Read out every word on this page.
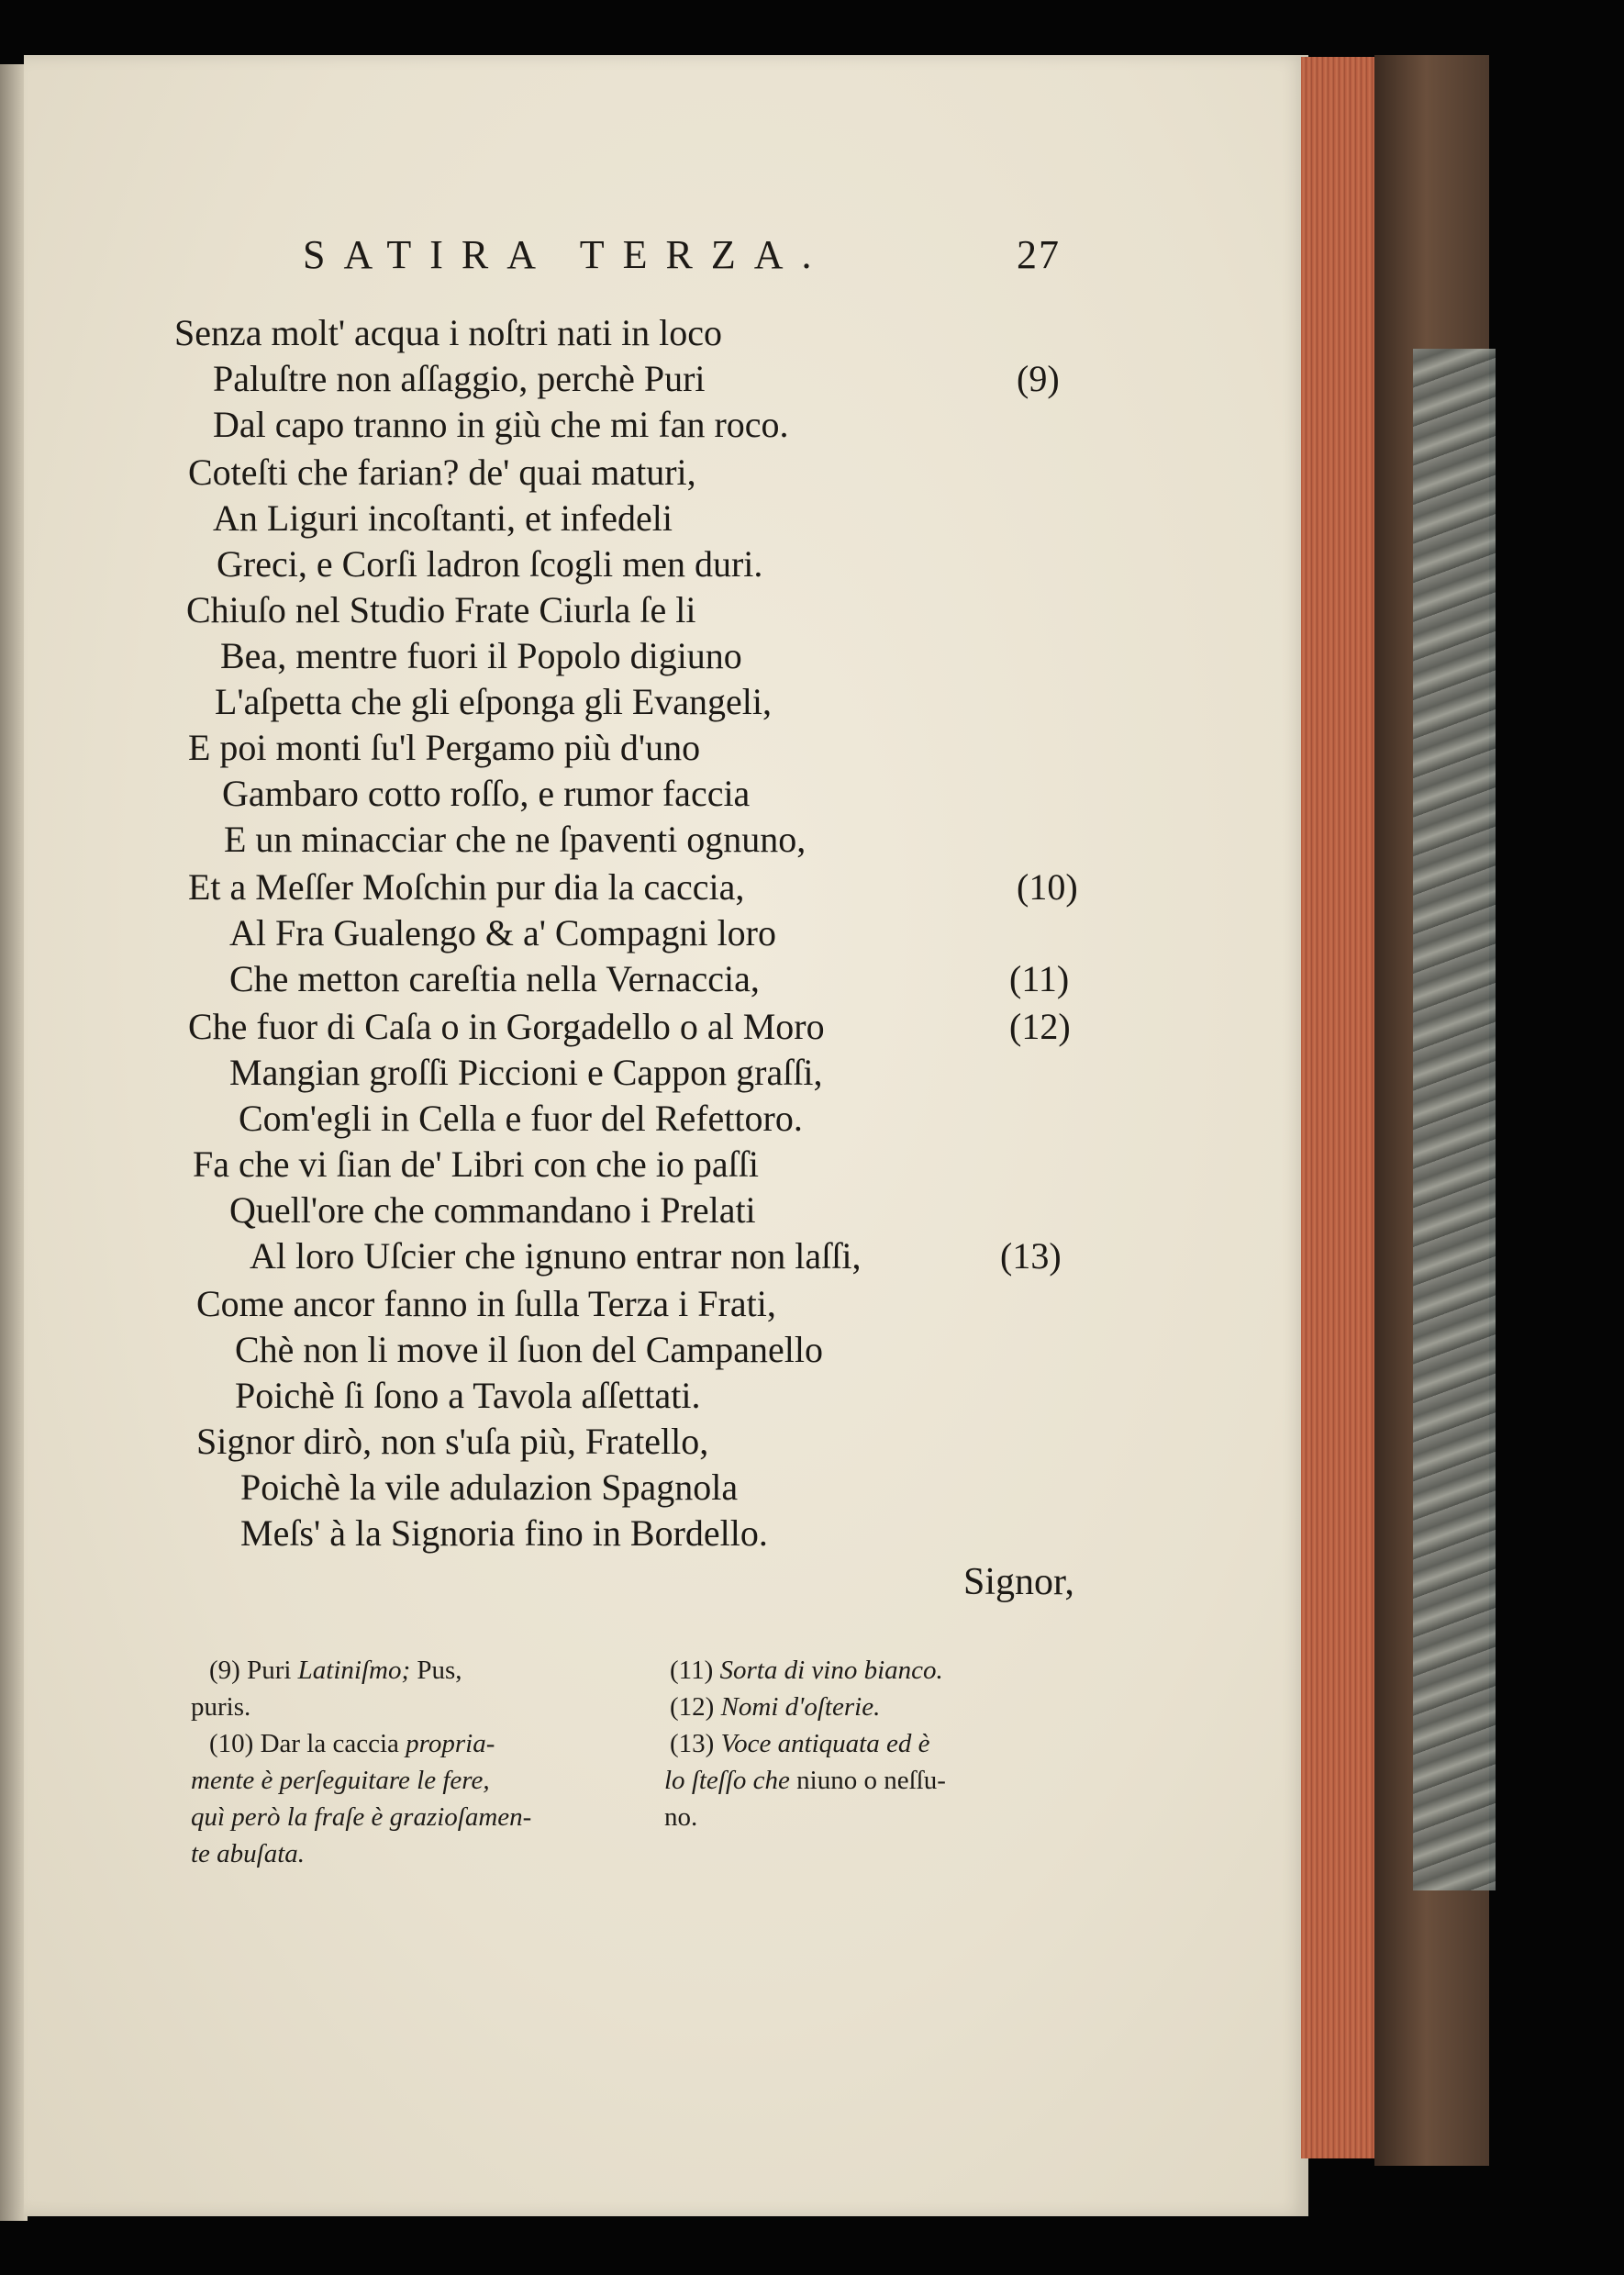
SATIRA TERZA.	27
Senza molt' acqua i noſtri nati in loco
Paluſtre non aſſaggio, perchè Puri
Dal capo tranno in giù che mi fan roco.
Coteſti che farian? de' quai maturi,
An Liguri incoſtanti, et infedeli
Greci, e Corſi ladron ſcogli men duri.
Chiuſo nel Studio Frate Ciurla ſe li
Bea, mentre fuori il Popolo digiuno
L'aſpetta che gli eſponga gli Evangeli,
E poi monti ſu'l Pergamo più d'uno
Gambaro cotto roſſo, e rumor faccia
E un minacciar che ne ſpaventi ognuno,
Et a Meſſer Moſchin pur dia la caccia,
Al Fra Gualengo & a' Compagni loro
Che metton careſtia nella Vernaccia,
Che fuor di Caſa o in Gorgadello o al Moro
Mangian groſſi Piccioni e Cappon graſſi,
Com'egli in Cella e fuor del Refettoro.
Fa che vi ſian de' Libri con che io paſſi
Quell'ore che commandano i Prelati
Al loro Uſcier che ignuno entrar non laſſi,
Come ancor fanno in ſulla Terza i Frati,
Chè non li move il ſuon del Campanello
Poichè ſi ſono a Tavola aſſettati.
Signor dirò, non s'uſa più, Fratello,
Poichè la vile adulazion Spagnola
Meſs' à la Signoria fino in Bordello.
(9)
(10)
(11)
(12)
(13)
Signor,
(9) Puri Latiniſmo; Pus,
puris.
(10) Dar la caccia propria-
mente è perſeguitare le fere,
quì però la fraſe è grazioſamen-
te abuſata.
(11) Sorta di vino bianco.
(12) Nomi d'oſterie.
(13) Voce antiquata ed è
lo ſteſſo che niuno o neſſu-
no.
